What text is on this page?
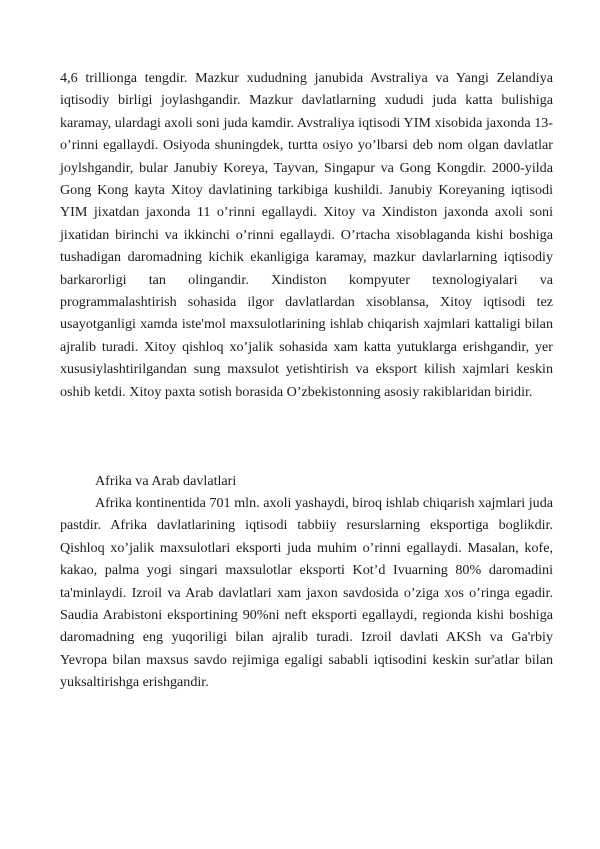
4,6 trillionga tengdir. Mazkur xududning janubida Avstraliya va Yangi Zelandiya iqtisodiy birligi joylashgandir. Mazkur davlatlarning xududi juda katta bulishiga karamay, ulardagi axoli soni juda kamdir. Avstraliya iqtisodi YIM xisobida jaxonda 13-o’rinni egallaydi. Osiyoda shuningdek, turtta osiyo yo’lbarsi deb nom olgan davlatlar joylshgandir, bular Janubiy Koreya, Tayvan, Singapur va Gong Kongdir. 2000-yilda Gong Kong kayta Xitoy davlatining tarkibiga kushildi. Janubiy Koreyaning iqtisodi YIM jixatdan jaxonda 11 o’rinni egallaydi. Xitoy va Xindiston jaxonda axoli soni jixatidan birinchi va ikkinchi o’rinni egallaydi. O’rtacha xisoblaganda kishi boshiga tushadigan daromadning kichik ekanligiga karamay, mazkur davlarlarning iqtisodiy barkarorligi tan olingandir. Xindiston kompyuter texnologiyalari va programmalashtirish sohasida ilgor davlatlardan xisoblansa, Xitoy iqtisodi tez usayotganligi xamda iste'mol maxsulotlarining ishlab chiqarish xajmlari kattaligi bilan ajralib turadi. Xitoy qishloq xo’jalik sohasida xam katta yutuklarga erishgandir, yer xususiylashtirilgandan sung maxsulot yetishtirish va eksport kilish xajmlari keskin oshib ketdi. Xitoy paxta sotish borasida O’zbekistonning asosiy rakiblaridan biridir.

Afrika va Arab davlatlari

Afrika kontinentida 701 mln. axoli yashaydi, biroq ishlab chiqarish xajmlari juda pastdir. Afrika davlatlarining iqtisodi tabbiiy resurslarning eksportiga boglikdir. Qishloq xo’jalik maxsulotlari eksporti juda muhim o’rinni egallaydi. Masalan, kofe, kakao, palma yogi singari maxsulotlar eksporti Kot’d Ivuarning 80% daromadini ta'minlaydi. Izroil va Arab davlatlari xam jaxon savdosida o’ziga xos o’ringa egadir. Saudia Arabistoni eksportining 90%ni neft eksporti egallaydi, regionda kishi boshiga daromadning eng yuqoriligi bilan ajralib turadi. Izroil davlati AKSh va Ga'rbiy Yevropa bilan maxsus savdo rejimiga egaligi sababli iqtisodini keskin sur'atlar bilan yuksaltirishga erishgandir.
